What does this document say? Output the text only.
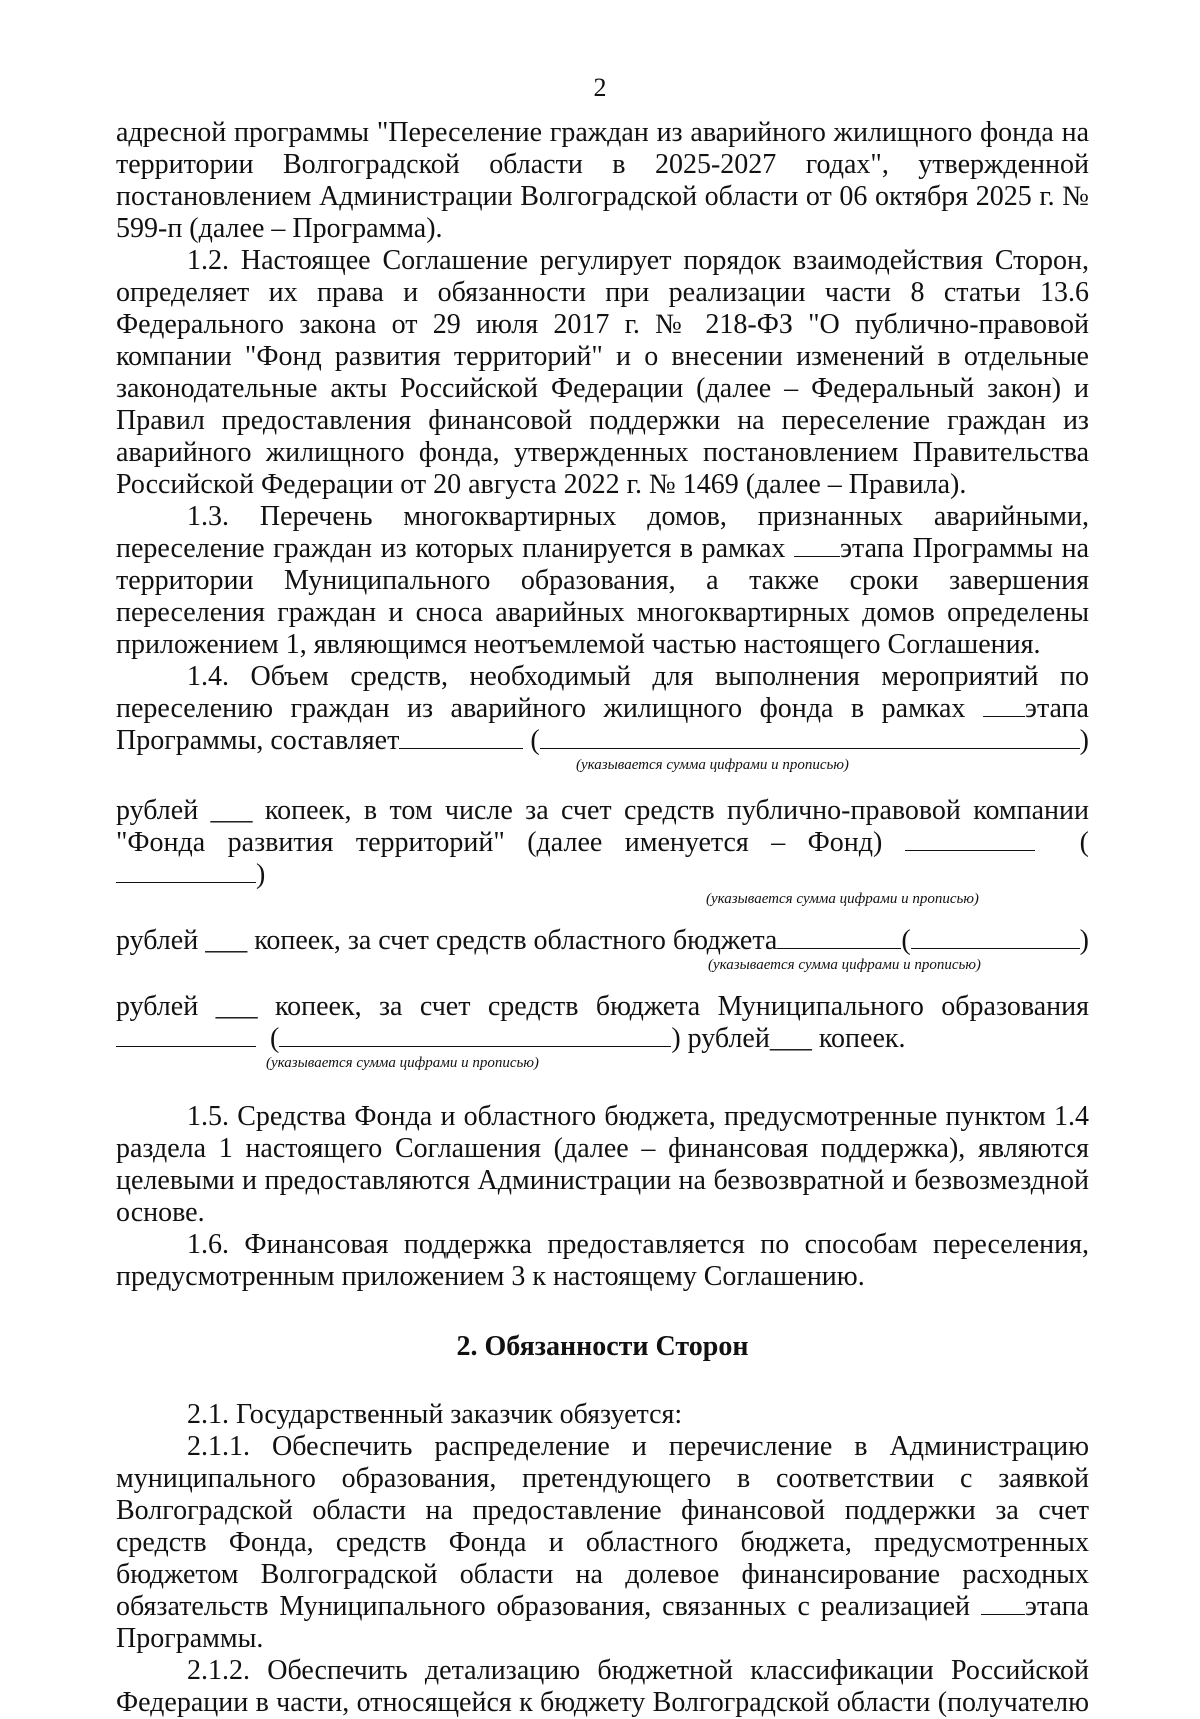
2

адресной программы "Переселение граждан из аварийного жилищного фонда на территории Волгоградской области в 2025-2027 годах", утвержденной постановлением Администрации Волгоградской области от 06 октября 2025 г. № 599-п (далее – Программа).

1.2. Настоящее Соглашение регулирует порядок взаимодействия Сторон, определяет их права и обязанности при реализации части 8 статьи 13.6 Федерального закона от 29 июля 2017 г. № 218-ФЗ "О публично-правовой компании "Фонд развития территорий" и о внесении изменений в отдельные законодательные акты Российской Федерации (далее – Федеральный закон) и Правил предоставления финансовой поддержки на переселение граждан из аварийного жилищного фонда, утвержденных постановлением Правительства Российской Федерации от 20 августа 2022 г. № 1469 (далее – Правила).

1.3. Перечень многоквартирных домов, признанных аварийными, переселение граждан из которых планируется в рамках этапа Программы на территории Муниципального образования, а также сроки завершения переселения граждан и сноса аварийных многоквартирных домов определены приложением 1, являющимся неотъемлемой частью настоящего Соглашения.

1.4. Объем средств, необходимый для выполнения мероприятий по переселению граждан из аварийного жилищного фонда в рамках этапа

Программы, составляет	(	)
(указывается сумма цифрами и прописью)

рублей ___ копеек, в том числе за счет средств публично-правовой компании "Фонда развития территорий" (далее именуется – Фонд)	()

(указывается сумма цифрами и прописью)
рублей ___ копеек, за счет средств областного бюджета	(	)
(указывается сумма цифрами и прописью)

рублей ___ копеек, за счет средств бюджета Муниципального образования

(	) рублей___ копеек.
(указывается сумма цифрами и прописью)

1.5. Средства Фонда и областного бюджета, предусмотренные пунктом 1.4 раздела 1 настоящего Соглашения (далее – финансовая поддержка), являются целевыми и предоставляются Администрации на безвозвратной и безвозмездной основе.

1.6. Финансовая поддержка предоставляется по способам переселения, предусмотренным приложением 3 к настоящему Соглашению.

2. Обязанности Сторон

2.1. Государственный заказчик обязуется:

2.1.1. Обеспечить распределение и перечисление в Администрацию муниципального образования, претендующего в соответствии с заявкой Волгоградской области на предоставление финансовой поддержки за счет средств Фонда, средств Фонда и областного бюджета, предусмотренных бюджетом Волгоградской области на долевое финансирование расходных обязательств Муниципального образования, связанных с реализацией этапа Программы.

2.1.2. Обеспечить детализацию бюджетной классификации Российской Федерации в части, относящейся к бюджету Волгоградской области (получателю
